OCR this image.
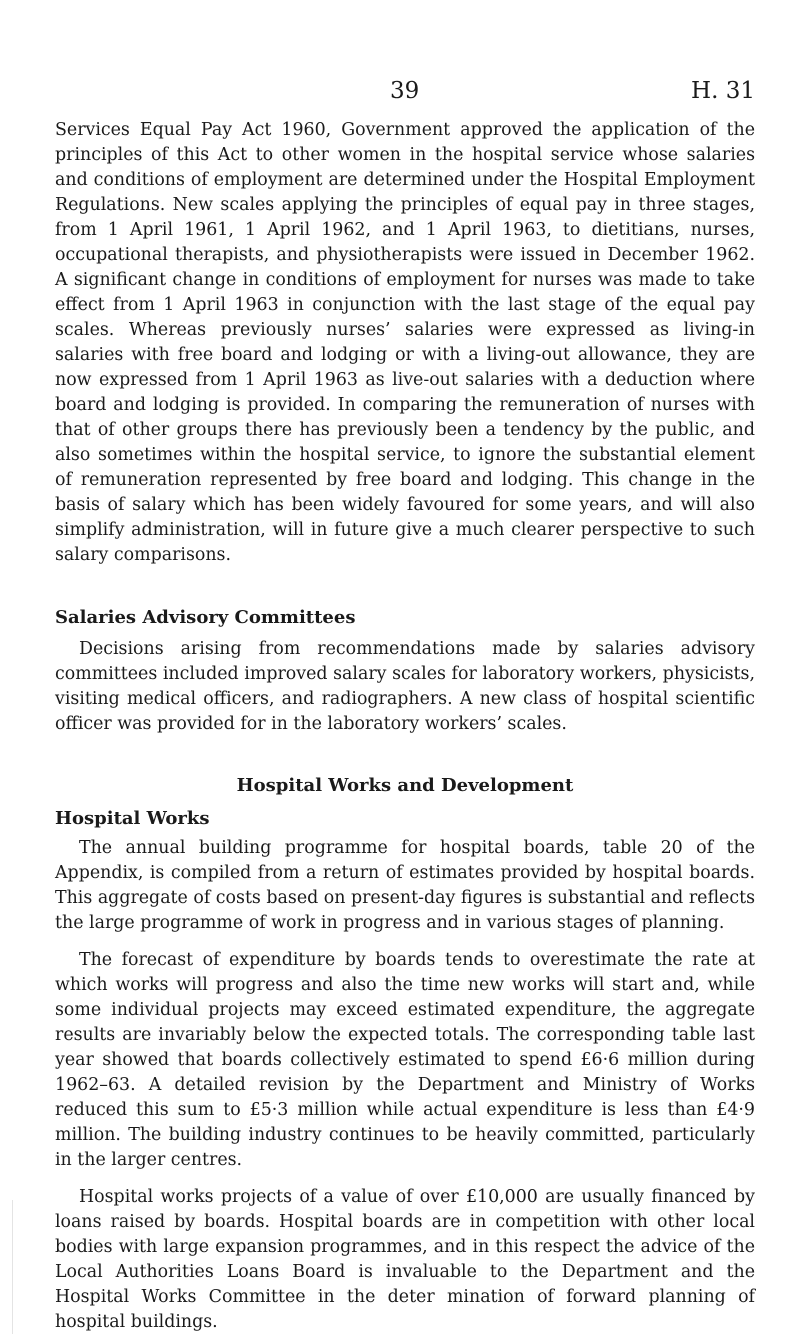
39	H. 31

Services Equal Pay Act 1960, Government approved the application of the principles of this Act to other women in the hospital service whose salaries and conditions of employment are determined under the Hospital Employment Regulations. New scales applying the principles of equal pay in three stages, from 1 April 1961, 1 April 1962, and 1 April 1963, to dietitians, nurses, occupational therapists, and physiotherapists were issued in December 1962. A significant change in conditions of employment for nurses was made to take effect from 1 April 1963 in conjunction with the last stage of the equal pay scales. Whereas previously nurses’ salaries were expressed as living-in salaries with free board and lodging or with a living-out allowance, they are now expressed from 1 April 1963 as live-out salaries with a deduction where board and lodging is provided. In comparing the remuneration of nurses with that of other groups there has previously been a tendency by the public, and also sometimes within the hospital service, to ignore the substantial element of remuneration represented by free board and lodging. This change in the basis of salary which has been widely favoured for some years, and will also simplify administration, will in future give a much clearer perspective to such salary comparisons.

Salaries Advisory Committees

Decisions arising from recommendations made by salaries advisory committees included improved salary scales for laboratory workers, physicists, visiting medical officers, and radiographers. A new class of hospital scientific officer was provided for in the laboratory workers’ scales.

Hospital Works and Development
Hospital Works

The annual building programme for hospital boards, table 20 of the Appendix, is compiled from a return of estimates provided by hospital boards. This aggregate of costs based on present-day figures is substantial and reflects the large programme of work in progress and in various stages of planning.

The forecast of expenditure by boards tends to overestimate the rate at which works will progress and also the time new works will start and, while some individual projects may exceed estimated expenditure, the aggregate results are invariably below the expected totals. The corresponding table last year showed that boards collectively estimated to spend £6·6 million during 1962–63. A detailed revision by the Department and Ministry of Works reduced this sum to £5·3 million while actual expenditure is less than £4·9 million. The building industry continues to be heavily committed, particularly in the larger centres.

Hospital works projects of a value of over £10,000 are usually financed by loans raised by boards. Hospital boards are in competition with other local bodies with large expansion programmes, and in this respect the advice of the Local Authorities Loans Board is invaluable to the Department and the Hospital Works Committee in the deter mination of forward planning of hospital buildings.
